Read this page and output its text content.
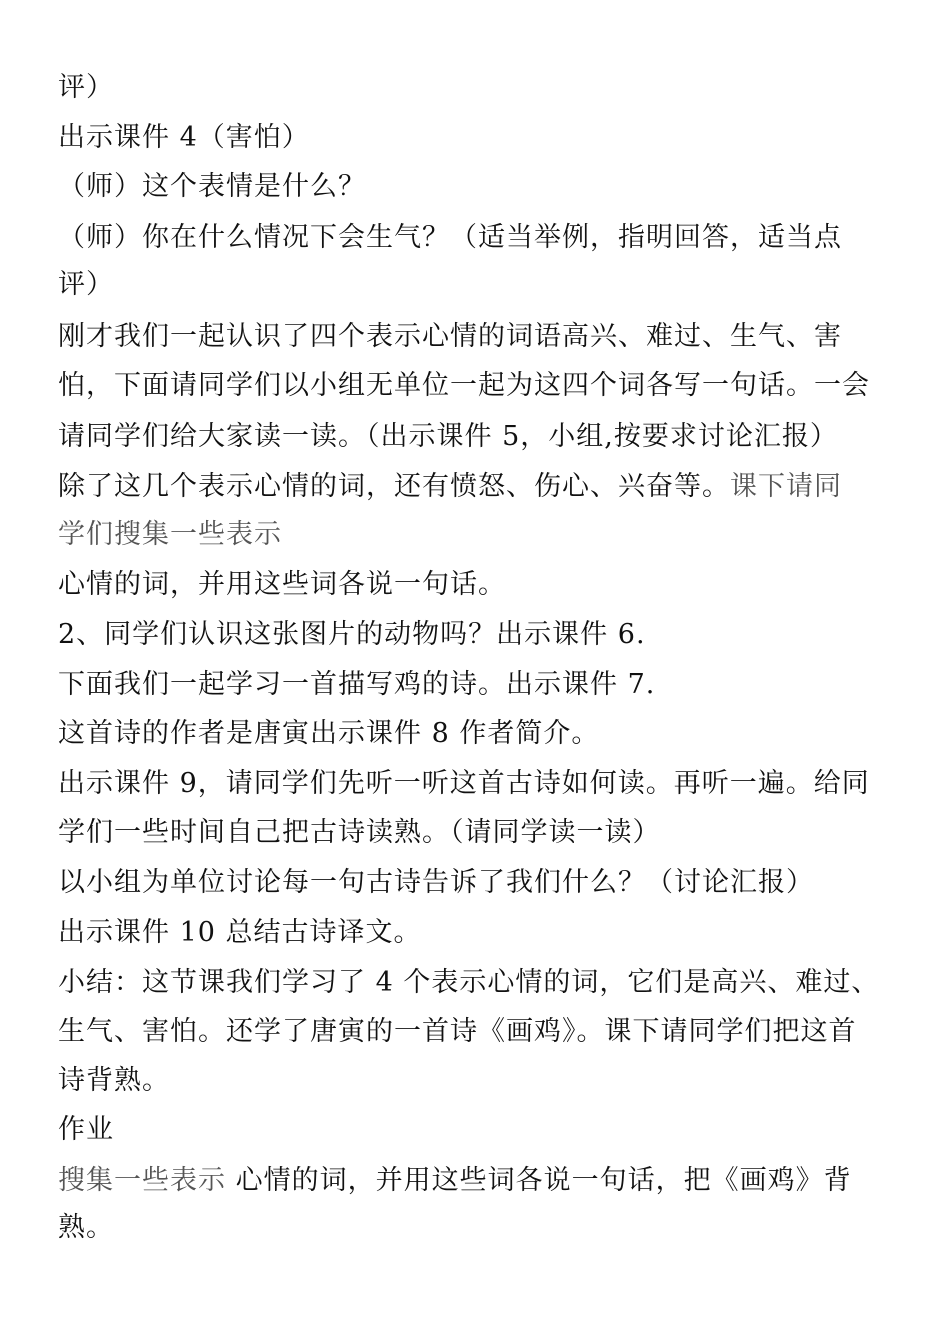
评）
出示课件 4（害怕）
（师）这个表情是什么？
（师）你在什么情况下会生气？（适当举例，指明回答，适当点
评）
刚才我们一起认识了四个表示心情的词语高兴、难过、生气、害
怕，下面请同学们以小组无单位一起为这四个词各写一句话。一会
请同学们给大家读一读。（出示课件 5，小组,按要求讨论汇报）
除了这几个表示心情的词，还有愤怒、伤心、兴奋等。课下请同
学们搜集一些表示
心情的词，并用这些词各说一句话。
2、同学们认识这张图片的动物吗？出示课件 6.
下面我们一起学习一首描写鸡的诗。出示课件 7.
这首诗的作者是唐寅出示课件 8 作者简介。
出示课件 9，请同学们先听一听这首古诗如何读。再听一遍。给同
学们一些时间自己把古诗读熟。（请同学读一读）
以小组为单位讨论每一句古诗告诉了我们什么？（讨论汇报）
出示课件 10 总结古诗译文。
小结：这节课我们学习了 4 个表示心情的词，它们是高兴、难过、
生气、害怕。还学了唐寅的一首诗《画鸡》。课下请同学们把这首
诗背熟。
作业
搜集一些表示 心情的词，并用这些词各说一句话，把《画鸡》背
熟。
